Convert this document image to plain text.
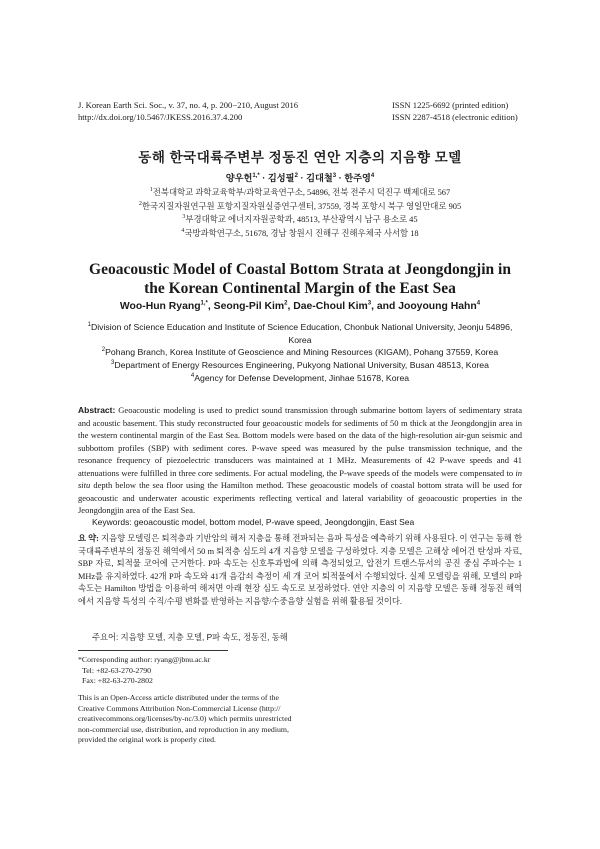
J. Korean Earth Sci. Soc., v. 37, no. 4, p. 200−210, August 2016
http://dx.doi.org/10.5467/JKESS.2016.37.4.200
ISSN 1225-6692 (printed edition)
ISSN 2287-4518 (electronic edition)
동해 한국대륙주변부 정동진 연안 지층의 지음향 모델
양우헌$^{1,*}$ · 김성필$^2$ · 김대철$^3$ · 한주영$^4$
$^1$전북대학교 과학교육학부/과학교육연구소, 54896, 전북 전주시 덕진구 백제대로 567
$^2$한국지질자원연구원 포항지질자원실증연구센터, 37559, 경북 포항시 북구 영일만대로 905
$^3$부경대학교 에너지자원공학과, 48513, 부산광역시 남구 용소로 45
$^4$국방과학연구소, 51678, 경남 창원시 진해구 진해우체국 사서함 18
Geoacoustic Model of Coastal Bottom Strata at Jeongdongjin in
the Korean Continental Margin of the East Sea
Woo-Hun Ryang$^{1,*}$, Seong-Pil Kim$^2$, Dae-Choul Kim$^3$, and Jooyoung Hahn$^4$
$^1$Division of Science Education and Institute of Science Education, Chonbuk National University, Jeonju 54896, Korea
$^2$Pohang Branch, Korea Institute of Geoscience and Mining Resources (KIGAM), Pohang 37559, Korea
$^3$Department of Energy Resources Engineering, Pukyong National University, Busan 48513, Korea
$^4$Agency for Defense Development, Jinhae 51678, Korea
Abstract: Geoacoustic modeling is used to predict sound transmission through submarine bottom layers of sedimentary strata and acoustic basement. This study reconstructed four geoacoustic models for sediments of 50 m thick at the Jeongdongjin area in the western continental margin of the East Sea. Bottom models were based on the data of the high-resolution air-gun seismic and subbottom profiles (SBP) with sediment cores. P-wave speed was measured by the pulse transmission technique, and the resonance frequency of piezoelectric transducers was maintained at 1 MHz. Measurements of 42 P-wave speeds and 41 attenuations were fulfilled in three core sediments. For actual modeling, the P-wave speeds of the models were compensated to in situ depth below the sea floor using the Hamilton method. These geoacoustic models of coastal bottom strata will be used for geoacoustic and underwater acoustic experiments reflecting vertical and lateral variability of geoacoustic properties in the Jeongdongjin area of the East Sea.
Keywords: geoacoustic model, bottom model, P-wave speed, Jeongdongjin, East Sea
요 약: 지음향 모델링은 퇴적층과 기반암의 해저 지층을 통해 전파되는 음파 특성을 예측하기 위해 사용된다. 이 연구는 동해 한국대륙주변부의 정동진 해역에서 50 m 퇴적층 심도의 4개 지음향 모델을 구성하였다. 지층 모델은 고해상 에어건 탄성파 자료, SBP 자료, 퇴적물 코어에 근거한다. P파 속도는 신호투과법에 의해 측정되었고, 압전기 트랜스듀서의 공진 중심 주파수는 1 MHz를 유지하였다. 42개 P파 속도와 41개 음감쇠 측정이 세 개 코어 퇴적물에서 수행되었다. 실제 모델링을 위해, 모델의 P파 속도는 Hamilton 방법을 이용하여 해저면 아래 현장 심도 속도로 보정하였다. 연안 지층의 이 지음향 모델은 동해 정동진 해역에서 지음향 특성의 수직/수평 변화를 반영하는 지음향/수중음향 실험을 위해 활용될 것이다.
주요어: 지음향 모델, 지층 모델, P파 속도, 정동진, 동해
*Corresponding author: ryang@jbnu.ac.kr
Tel: +82-63-270-2790
Fax: +82-63-270-2802
This is an Open-Access article distributed under the terms of the
Creative Commons Attribution Non-Commercial License (http://
creativecommons.org/licenses/by-nc/3.0) which permits unrestricted
non-commercial use, distribution, and reproduction in any medium,
provided the original work is properly cited.
